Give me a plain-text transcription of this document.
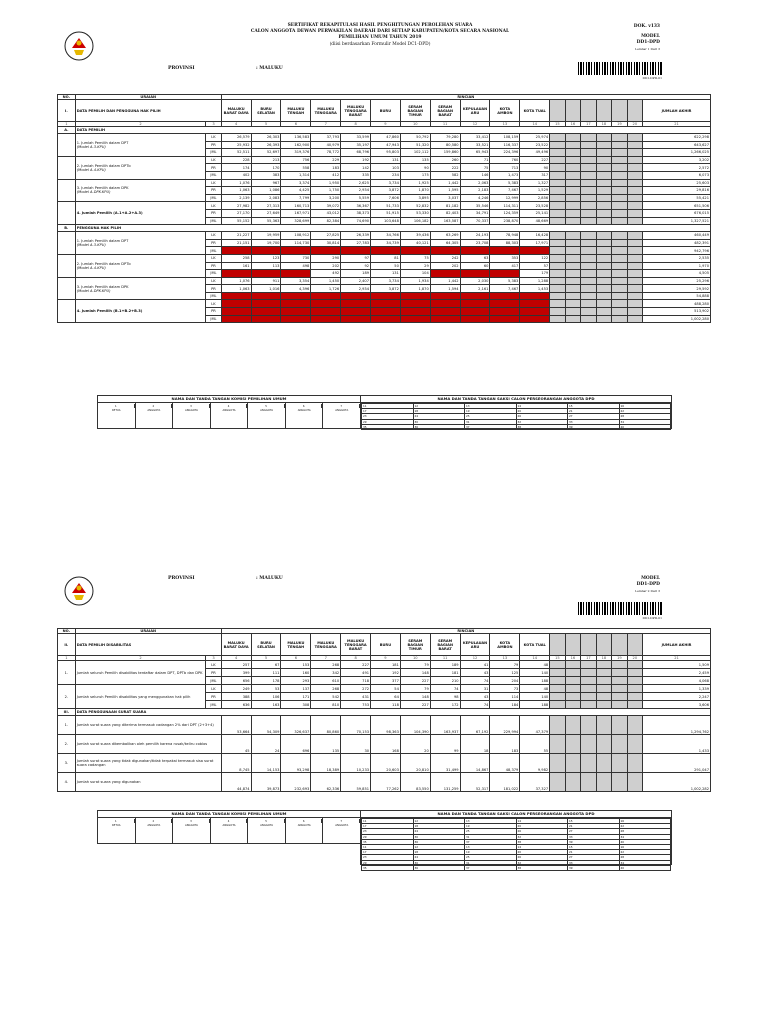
SERTIFIKAT REKAPITULASI HASIL PENGHITUNGAN PEROLEHAN SUARA
CALON ANGGOTA DEWAN PERWAKILAN DAERAH DARI SETIAP KABUPATEN/KOTA SECARA NASIONAL
PEMILIHAN UMUM TAHUN 2019
(diisi berdasarkan Formulir Model DC1-DPD)
DOK. v133
MODEL
DD1-DPD
Lembar 1 Dari 3
DD1-DPD-01
PROVINSI	: MALUKU
NO.	URAIAN		RINCIAN																	
I.	DATA PEMILIH DAN PENGGUNA HAK PILIH		MALUKU BARAT DAYA	BURU SELATAN	MALUKU TENGAH	MALUKU TENGGARA	MALUKU TENGGARA BARAT	BURU	SERAM BAGIAN TIMUR	SERAM BAGIAN BARAT	KEPULAUAN ARU	KOTA AMBON	KOTA TUAL							JUMLAH AKHIR
1	2	3	4	5	6	7	8	9	10	11	12	13	14	15	16	17	18	19	20	21
A.	DATA PEMILIH																			

	1. Jumlah Pemilih dalam DPT
(Model A.3-KPU)	LK	26,579	26,303	136,583	37,793	33,599	47,860	50,792	79,280	33,412	108,159	25,974							622,298
		PR	25,932	26,393	162,900	40,979	35,197	47,943	51,320	80,580	33,521	116,337	23,522							643,627
		JML	52,511	52,697	319,376	78,772	68,796	95,803	102,112	159,860	65,943	224,396	49,496							1,266,025

	2. Jumlah Pemilih dalam DPTb
(Model A.4-KPU)	LK	228	213	756	229	192	131	135	260	71	760	227							3,202
		PR	174	170	558	183	142	103	90	222	75	713	90							2,572
		JML	402	383	1,314	412	335	234	175	582	146	1,473	317							6,073

	3. Jumlah Pemilih dalam DPK
(Model A.DPK-KPU)	LK	1,076	967	3,374	1,950	2,625	3,734	1,925	1,442	2,063	5,383	1,327							25,603
		PR	1,063	1,086	4,425	1,750	2,934	3,872	1,870	1,595	2,183	7,467	1,529							29,816
		JML	2,139	2,083	7,799	3,200	5,559	7,606	3,895	3,037	4,246	12,999	2,856							55,421

	4. Jumlah Pemilih (A.1+A.2+A.3)	LK	27,982	27,313	160,713	39,072	36,367	51,733	52,832	81,182	35,546	114,311	23,528							651,506
		PR	27,170	27,649	167,971	43,012	38,373	51,915	53,330	82,403	34,791	124,359	25,141							676,015
		JML	55,152	55,363	328,699	82,384	74,690	103,648	106,182	163,587	70,337	238,870	48,669							1,327,521
B.	PENGGUNA HAK PILIH																			

	1. Jumlah Pemilih dalam DPT
(Model A.3-KPU)	LK	21,227	19,959	108,912	27,825	26,339	34,766	39,436	63,269	24,193	78,948	16,428							460,449
		PR	21,151	19,700	114,730	30,814	27,783	34,739	40,121	64,305	23,708	88,303	17,971							482,391
		JML	42,378	39,659	223,642	58,639	54,122	69,505	79,557	127,574	47,901	167,251	34,399							942,796

	2. Jumlah Pemilih dalam DPTb
(Model A.4-KPU)	LK	258	123	730	290	97	81	75	242	63	353	122							2,535
		PR	161	113	498	202	92	50	29	202	60	417	57							1,970
		JML	419	236	1,228	492	189	131	104	444	123	770	179							4,505

	3. Jumlah Pemilih dalam DPK
(Model A.DPK-KPU)	LK	1,076	911	3,354	1,450	2,407	3,734	1,934	1,442	2,030	5,383	1,288							25,296
		PR	1,063	1,016	4,396	1,726	2,934	3,872	1,870	1,594	2,161	7,467	1,453							29,592
		JML	2,139	1,927	7,750	3,176	5,341	7,606	3,804	3,036	4,191	12,850	2,741							54,888

	4. Jumlah Pemilih (B.1+B.2+B.3)	LK	22,561	20,993	113,000	29,565	28,843	38,581	41,445	64,953	26,286	84,684	17,838							488,280
		PR	22,375	20,829	119,624	32,742	30,809	38,661	42,020	66,101	25,929	96,187	19,481							513,902
		JML	44,936	41,822	232,624	62,307	59,652	77,242	83,465	131,054	52,215	180,871	37,319							1,002,280
NAMA DAN TANDA TANGAN KOMISI PEMILIHAN UMUM
1
KETUA
2
ANGGOTA
3
ANGGOTA
4
ANGGOTA
5
ANGGOTA
6
ANGGOTA
7
ANGGOTA
NAMA DAN TANDA TANGAN SAKSI CALON PERSEORANGAN ANGGOTA DPD
11	12	13	14	15	16
17	18	19	20	21	22
23	24	25	26	27	28
29	30	31	32	33	34
35	36	37	38	39	40
PROVINSI	: MALUKU	MODEL
DD1-DPD
Lembar 2 Dari 3
DD1-DPD-01
NO.	URAIAN		RINCIAN																	
II.	DATA PEMILIH DISABILITAS		MALUKU BARAT DAYA	BURU SELATAN	MALUKU TENGAH	MALUKU TENGGARA	MALUKU TENGGARA BARAT	BURU	SERAM BAGIAN TIMUR	SERAM BAGIAN BARAT	KEPULAUAN ARU	KOTA AMBON	KOTA TUAL							JUMLAH AKHIR
1	2	3	4	5	6	7	8	9	10	11	12	13	14	15	16	17	18	19	20	21
1.	Jumlah seluruh Pemilih disabilitas terdaftar dalam DPT, DPTb dan DPK	LK	257	67	153	268	227	181	79	189	41	79	48							1,509
		PR	399	111	160	342	491	192	148	181	43	125	140							2,459
		JML	656	178	293	610	718	377	227	210	74	204	188							4,068
2.	Jumlah seluruh Pemilih disabilitas yang menggunakan hak pilih	LK	249	53	137	268	272	54	79	74	31	73	48							1,339
		PR	388	106	171	542	431	64	148	98	43	114	140							2,247
		JML	636	163	308	810	753	118	227	172	74	184	188							3,606
III.	DATA PENGGUNAAN SURAT SUARA																			
1.	Jumlah surat suara yang diterima termasuk cadangan 2% dari DPT (2+3+4)		53,664	54,309	326,637	80,860	70,153	98,363	104,390	163,937	67,192	229,994	47,379							1,294,762
2.	Jumlah surat suara dikembalikan oleh pemilih karena rusak/keliru coblos		45	24	696	135	30	168	20	99	18	183	55							1,433
3.	Jumlah surat suara yang tidak digunakan/tidak terpakai termasuk sisa surat suara cadangan		8,745	14,153	93,298	18,389	10,233	20,603	20,810	31,499	14,867	48,379	9,982							291,047
4.	Jumlah surat suara yang digunakan		44,874	39,873	232,693	62,336	59,851	77,262	83,550	131,259	52,317	181,022	37,327							1,002,282
NAMA DAN TANDA TANGAN KOMISI PEMILIHAN UMUM
1
KETUA
2
ANGGOTA
3
ANGGOTA
4
ANGGOTA
5
ANGGOTA
6
ANGGOTA
7
ANGGOTA
NAMA DAN TANDA TANGAN SAKSI CALON PERSEORANGAN ANGGOTA DPD
11	12	13	14	15	16
17	18	19	20	21	22
23	24	25	26	27	28
29	30	31	32	33	34
35	36	37	38	39	40
11	12	13	14	15	16
17	18	19	20	21	22
23	24	25	26	27	28
29	30	31	32	33	34
35	36	37	38	39	40
